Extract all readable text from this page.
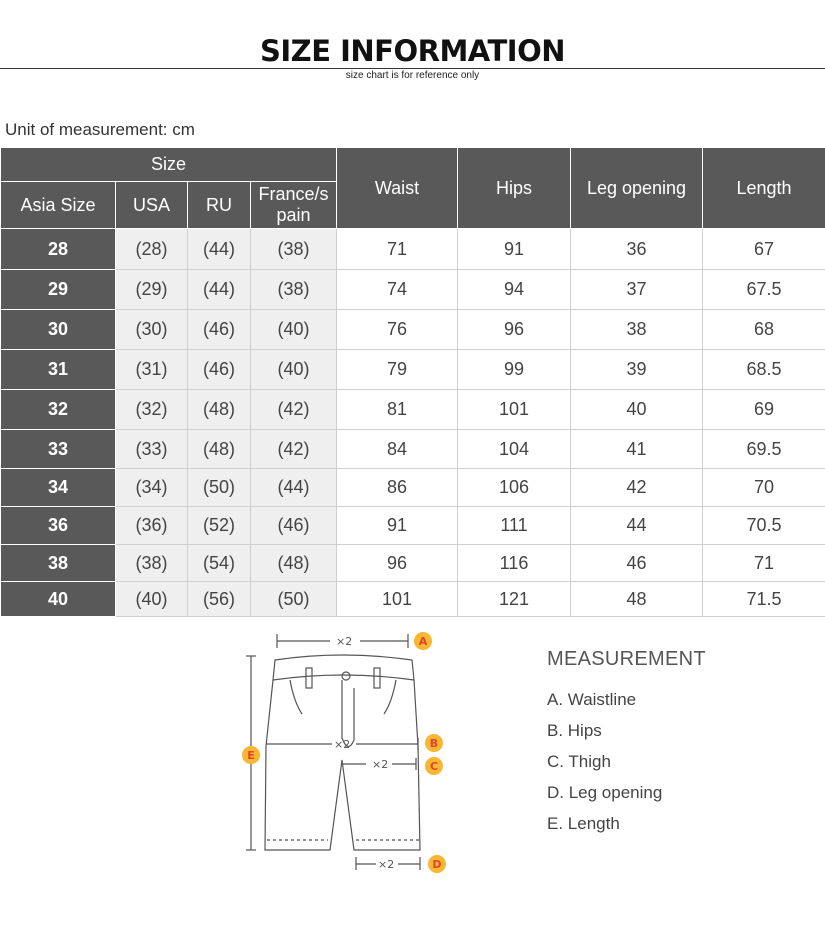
SIZE INFORMATION
size chart is for reference only
Unit of measurement: cm
Size				Waist	Hips	Leg opening	Length
Asia Size	USA	RU	France/s pain				
28	(28)	(44)	(38)	71	91	36	67
29	(29)	(44)	(38)	74	94	37	67.5
30	(30)	(46)	(40)	76	96	38	68
31	(31)	(46)	(40)	79	99	39	68.5
32	(32)	(48)	(42)	81	101	40	69
33	(33)	(48)	(42)	84	104	41	69.5
34	(34)	(50)	(44)	86	106	42	70
36	(36)	(52)	(46)	91	111	44	70.5
38	(38)	(54)	(48)	96	116	46	71
40	(40)	(56)	(50)	101	121	48	71.5
×2
×2
×2
×2
A
B
C
D
E
MEASUREMENT
A. Waistline
B. Hips
C. Thigh
D. Leg opening
E. Length
